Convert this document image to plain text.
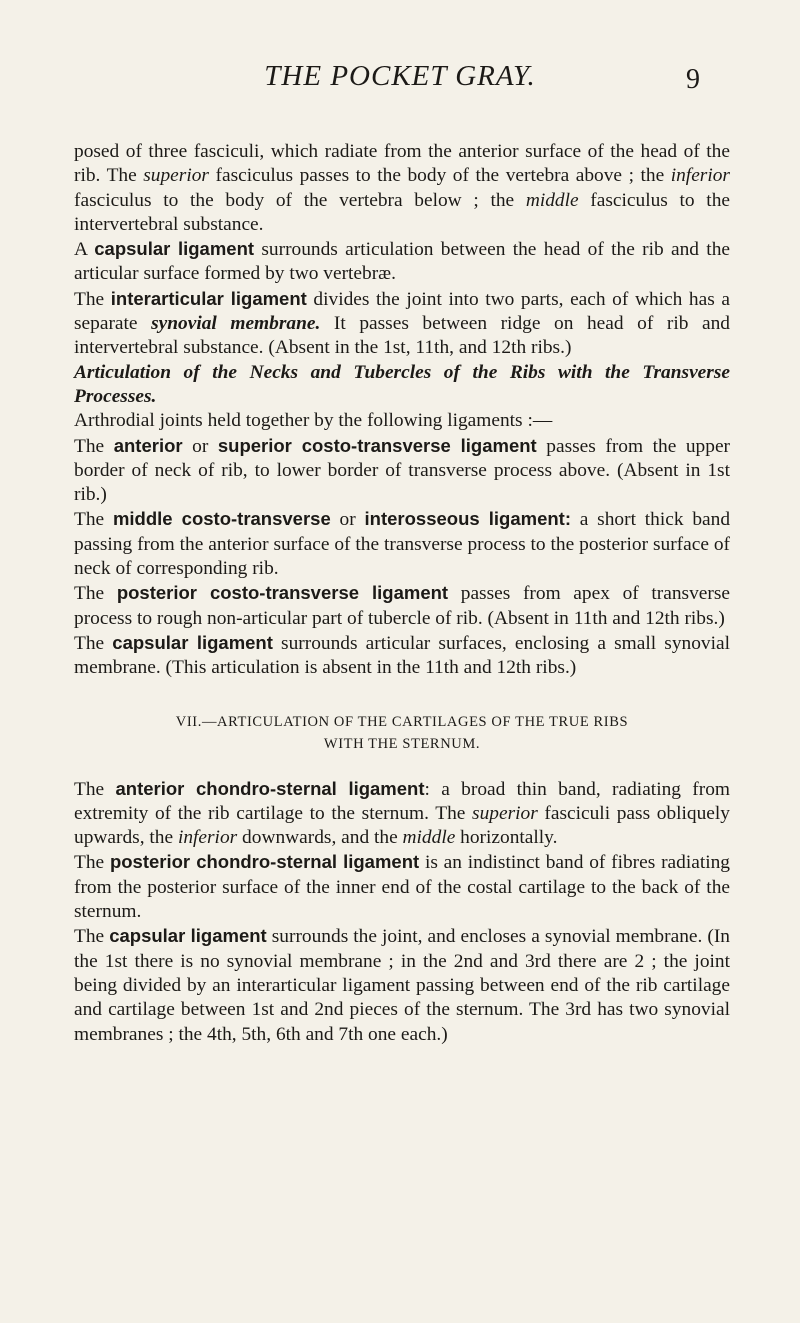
THE POCKET GRAY.	9

posed of three fasciculi, which radiate from the anterior surface of the head of the rib. The superior fasciculus passes to the body of the vertebra above ; the inferior fasciculus to the body of the vertebra below ; the middle fasciculus to the intervertebral substance.

A capsular ligament surrounds articulation between the head of the rib and the articular surface formed by two vertebræ.

The interarticular ligament divides the joint into two parts, each of which has a separate synovial membrane. It passes between ridge on head of rib and intervertebral substance. (Absent in the 1st, 11th, and 12th ribs.)

Articulation of the Necks and Tubercles of the Ribs with the Transverse Processes.

Arthrodial joints held together by the following ligaments :—

The anterior or superior costo-transverse ligament passes from the upper border of neck of rib, to lower border of transverse process above. (Absent in 1st rib.)

The middle costo-transverse or interosseous ligament: a short thick band passing from the anterior surface of the transverse process to the posterior surface of neck of corresponding rib.

The posterior costo-transverse ligament passes from apex of transverse process to rough non-articular part of tubercle of rib. (Absent in 11th and 12th ribs.)

The capsular ligament surrounds articular surfaces, enclosing a small synovial membrane. (This articulation is absent in the 11th and 12th ribs.)

VII.—ARTICULATION OF THE CARTILAGES OF THE TRUE RIBS
WITH THE STERNUM.

The anterior chondro-sternal ligament: a broad thin band, radiating from extremity of the rib cartilage to the sternum. The superior fasciculi pass obliquely upwards, the inferior downwards, and the middle horizontally.

The posterior chondro-sternal ligament is an indistinct band of fibres radiating from the posterior surface of the inner end of the costal cartilage to the back of the sternum.

The capsular ligament surrounds the joint, and encloses a synovial membrane. (In the 1st there is no synovial membrane ; in the 2nd and 3rd there are 2 ; the joint being divided by an interarticular ligament passing between end of the rib cartilage and cartilage between 1st and 2nd pieces of the sternum. The 3rd has two synovial membranes ; the 4th, 5th, 6th and 7th one each.)
